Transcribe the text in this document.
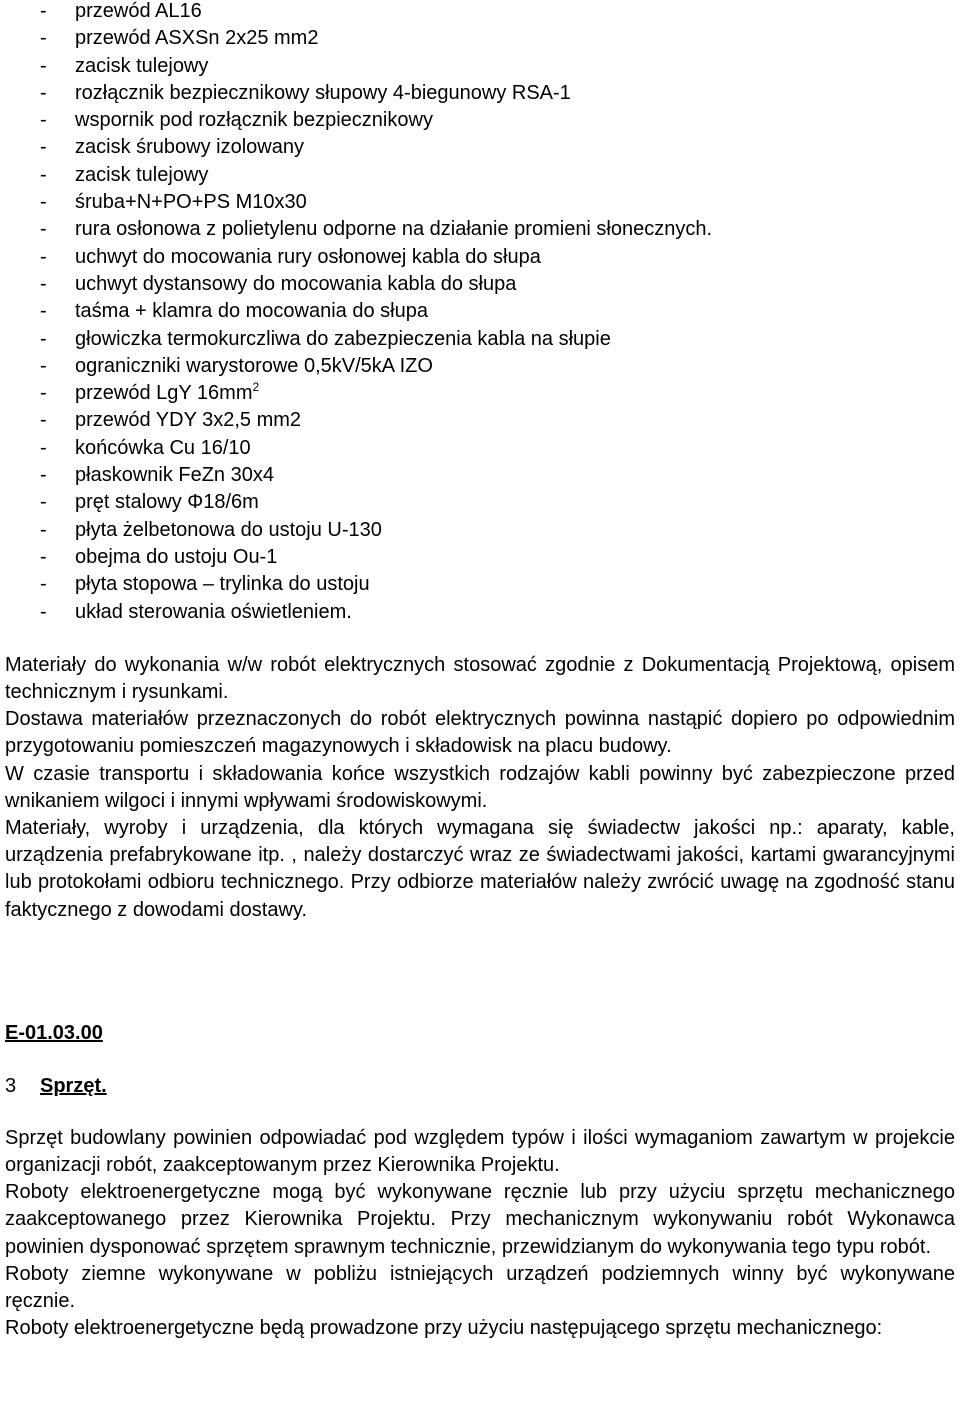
- przewód AL16
- przewód ASXSn 2x25 mm2
- zacisk tulejowy
- rozłącznik bezpiecznikowy słupowy 4-biegunowy RSA-1
- wspornik pod rozłącznik bezpiecznikowy
- zacisk śrubowy izolowany
- zacisk tulejowy
- śruba+N+PO+PS M10x30
- rura osłonowa z polietylenu odporne na działanie promieni słonecznych.
- uchwyt do mocowania rury osłonowej kabla do słupa
- uchwyt dystansowy do mocowania kabla do słupa
- taśma + klamra do mocowania do słupa
- głowiczka termokurczliwa do zabezpieczenia kabla na słupie
- ograniczniki warystorowe 0,5kV/5kA IZO
- przewód LgY $16mm^2$
- przewód YDY 3x2,5 mm2
- końcówka Cu 16/10
- płaskownik FeZn 30x4
- pręt stalowy Φ18/6m
- płyta żelbetonowa do ustoju U-130
- obejma do ustoju Ou-1
- płyta stopowa – trylinka do ustoju
- układ sterowania oświetleniem.

Materiały do wykonania w/w robót elektrycznych stosować zgodnie z Dokumentacją Projektową, opisem technicznym i rysunkami.

Dostawa materiałów przeznaczonych do robót elektrycznych powinna nastąpić dopiero po odpowiednim przygotowaniu pomieszczeń magazynowych i składowisk na placu budowy.

W czasie transportu i składowania końce wszystkich rodzajów kabli powinny być zabezpieczone przed wnikaniem wilgoci i innymi wpływami środowiskowymi.

Materiały, wyroby i urządzenia, dla których wymagana się świadectw jakości np.: aparaty, kable, urządzenia prefabrykowane itp. , należy dostarczyć wraz ze świadectwami jakości, kartami gwarancyjnymi lub protokołami odbioru technicznego. Przy odbiorze materiałów należy zwrócić uwagę na zgodność stanu faktycznego z dowodami dostawy.

E-01.03.00

3 Sprzęt.

Sprzęt budowlany powinien odpowiadać pod względem typów i ilości wymaganiom zawartym w projekcie organizacji robót, zaakceptowanym przez Kierownika Projektu.

Roboty elektroenergetyczne mogą być wykonywane ręcznie lub przy użyciu sprzętu mechanicznego zaakceptowanego przez Kierownika Projektu. Przy mechanicznym wykonywaniu robót Wykonawca powinien dysponować sprzętem sprawnym technicznie, przewidzianym do wykonywania tego typu robót.

Roboty ziemne wykonywane w pobliżu istniejących urządzeń podziemnych winny być wykonywane ręcznie.

Roboty elektroenergetyczne będą prowadzone przy użyciu następującego sprzętu mechanicznego:
